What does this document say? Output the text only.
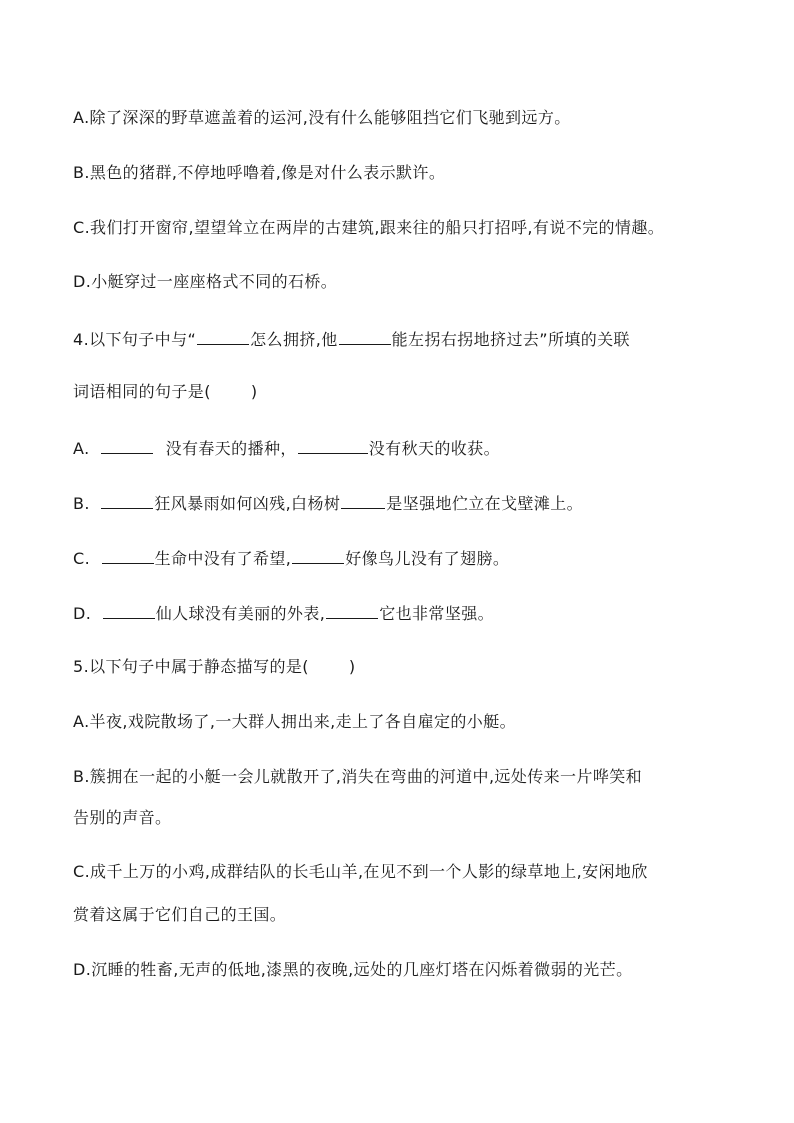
A.除了深深的野草遮盖着的运河,没有什么能够阻挡它们飞驰到远方。
B.黑色的猪群,不停地呼噜着,像是对什么表示默许。
C.我们打开窗帘,望望耸立在两岸的古建筑,跟来往的船只打招呼,有说不完的情趣。
D.小艇穿过一座座格式不同的石桥。
4.以下句子中与“	怎么拥挤,他	能左拐右拐地挤过去”所填的关联
词语相同的句子是(	)
A.	没有春天的播种，	没有秋天的收获。
B.	狂风暴雨如何凶残,白杨树	是坚强地伫立在戈壁滩上。
C.	生命中没有了希望,	好像鸟儿没有了翅膀。
D.	仙人球没有美丽的外表,	它也非常坚强。
5.以下句子中属于静态描写的是(	)
A.半夜,戏院散场了,一大群人拥出来,走上了各自雇定的小艇。
B.簇拥在一起的小艇一会儿就散开了,消失在弯曲的河道中,远处传来一片哗笑和
告别的声音。
C.成千上万的小鸡,成群结队的长毛山羊,在见不到一个人影的绿草地上,安闲地欣
赏着这属于它们自己的王国。
D.沉睡的牲畜,无声的低地,漆黑的夜晚,远处的几座灯塔在闪烁着微弱的光芒。
